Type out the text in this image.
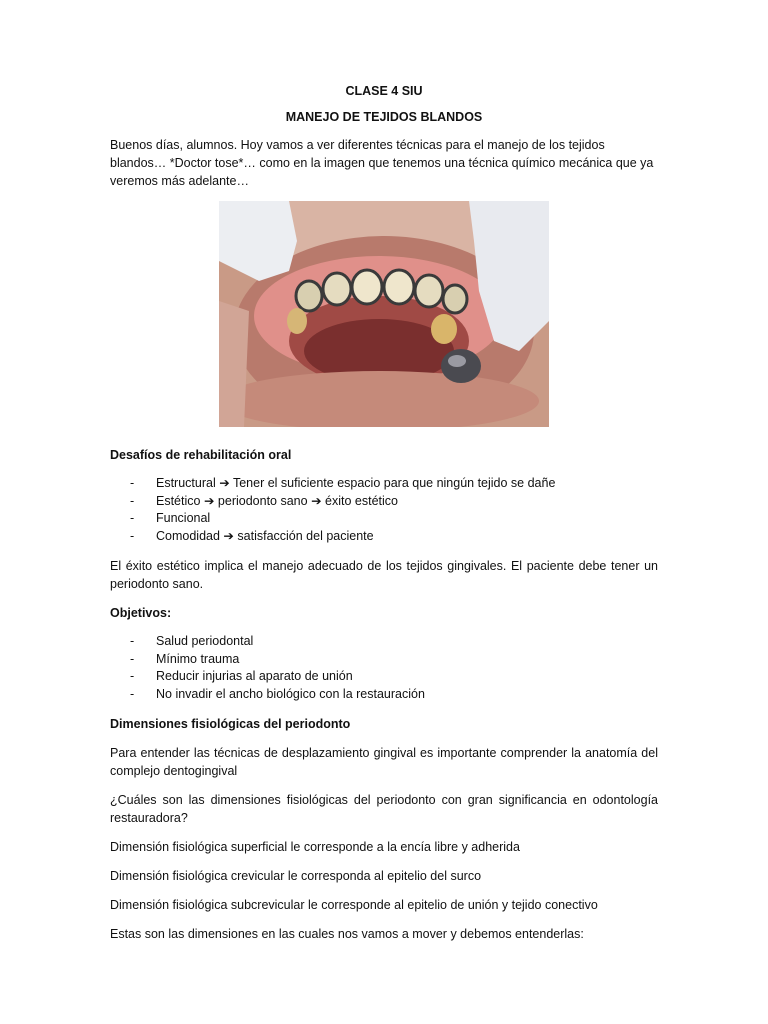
CLASE 4 SIU
MANEJO DE TEJIDOS BLANDOS

Buenos días, alumnos. Hoy vamos a ver diferentes técnicas para el manejo de los tejidos blandos… *Doctor tose*… como en la imagen que tenemos una técnica químico mecánica que ya veremos más adelante…

Desafíos de rehabilitación oral

- Estructural ➔ Tener el suficiente espacio para que ningún tejido se dañe
- Estético ➔ periodonto sano ➔ éxito estético
- Funcional
- Comodidad ➔ satisfacción del paciente

El éxito estético implica el manejo adecuado de los tejidos gingivales. El paciente debe tener un periodonto sano.

Objetivos:

- Salud periodontal
- Mínimo trauma
- Reducir injurias al aparato de unión
- No invadir el ancho biológico con la restauración

Dimensiones fisiológicas del periodonto

Para entender las técnicas de desplazamiento gingival es importante comprender la anatomía del complejo dentogingival

¿Cuáles son las dimensiones fisiológicas del periodonto con gran significancia en odontología restauradora?

Dimensión fisiológica superficial le corresponde a la encía libre y adherida

Dimensión fisiológica crevicular le corresponda al epitelio del surco

Dimensión fisiológica subcrevicular le corresponde al epitelio de unión y tejido conectivo

Estas son las dimensiones en las cuales nos vamos a mover y debemos entenderlas:
